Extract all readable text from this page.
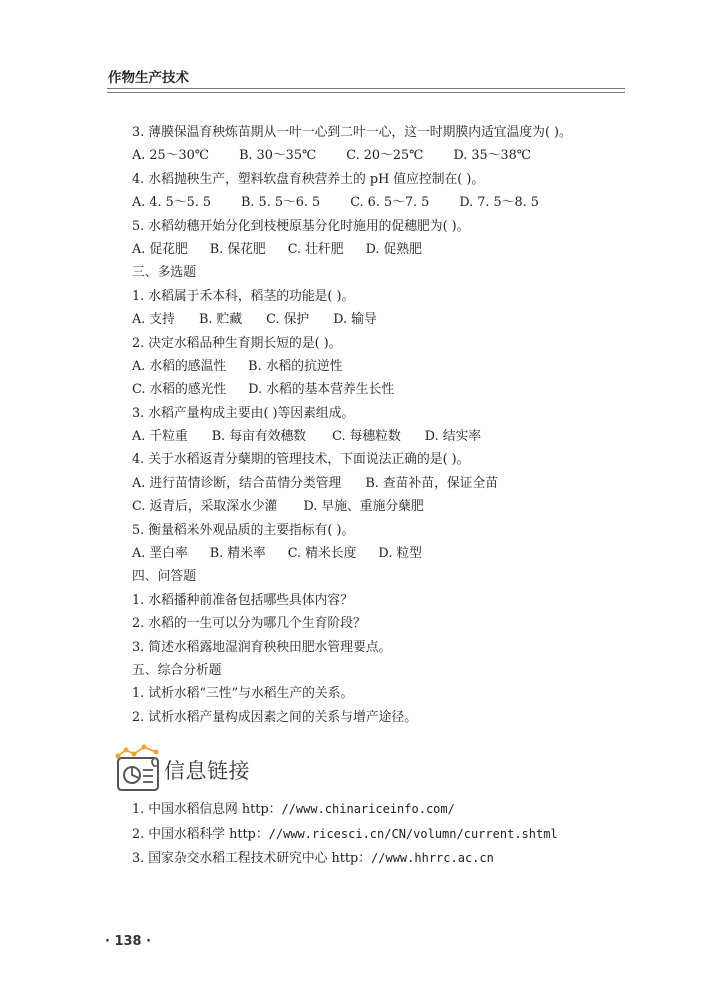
作物生产技术
3. 薄膜保温育秧炼苗期从一叶一心到二叶一心，这一时期膜内适宜温度为( )。
A. 25～30℃ B. 30～35℃ C. 20～25℃ D. 35～38℃
4. 水稻抛秧生产，塑料软盘育秧营养土的 pH 值应控制在( )。
A. 4. 5～5. 5 B. 5. 5～6. 5 C. 6. 5～7. 5 D. 7. 5～8. 5
5. 水稻幼穗开始分化到枝梗原基分化时施用的促穗肥为( )。
A. 促花肥 B. 保花肥 C. 壮秆肥 D. 促熟肥
三、多选题
1. 水稻属于禾本科，稻茎的功能是( )。
A. 支持 B. 贮藏 C. 保护 D. 输导
2. 决定水稻品种生育期长短的是( )。
A. 水稻的感温性 B. 水稻的抗逆性
C. 水稻的感光性 D. 水稻的基本营养生长性
3. 水稻产量构成主要由( )等因素组成。
A. 千粒重 B. 每亩有效穗数 C. 每穗粒数 D. 结实率
4. 关于水稻返青分蘖期的管理技术，下面说法正确的是( )。
A. 进行苗情诊断，结合苗情分类管理 B. 查苗补苗，保证全苗
C. 返青后，采取深水少灌 D. 早施、重施分蘖肥
5. 衡量稻米外观品质的主要指标有( )。
A. 垩白率 B. 精米率 C. 精米长度 D. 粒型
四、问答题
1. 水稻播种前准备包括哪些具体内容？
2. 水稻的一生可以分为哪几个生育阶段？
3. 简述水稻露地湿润育秧秧田肥水管理要点。
五、综合分析题
1. 试析水稻“三性”与水稻生产的关系。
2. 试析水稻产量构成因素之间的关系与增产途径。
信息链接
1. 中国水稻信息网 http：//www.chinariceinfo.com/
2. 中国水稻科学 http：//www.ricesci.cn/CN/volumn/current.shtml
3. 国家杂交水稻工程技术研究中心 http：//www.hhrrc.ac.cn
· 138 ·
